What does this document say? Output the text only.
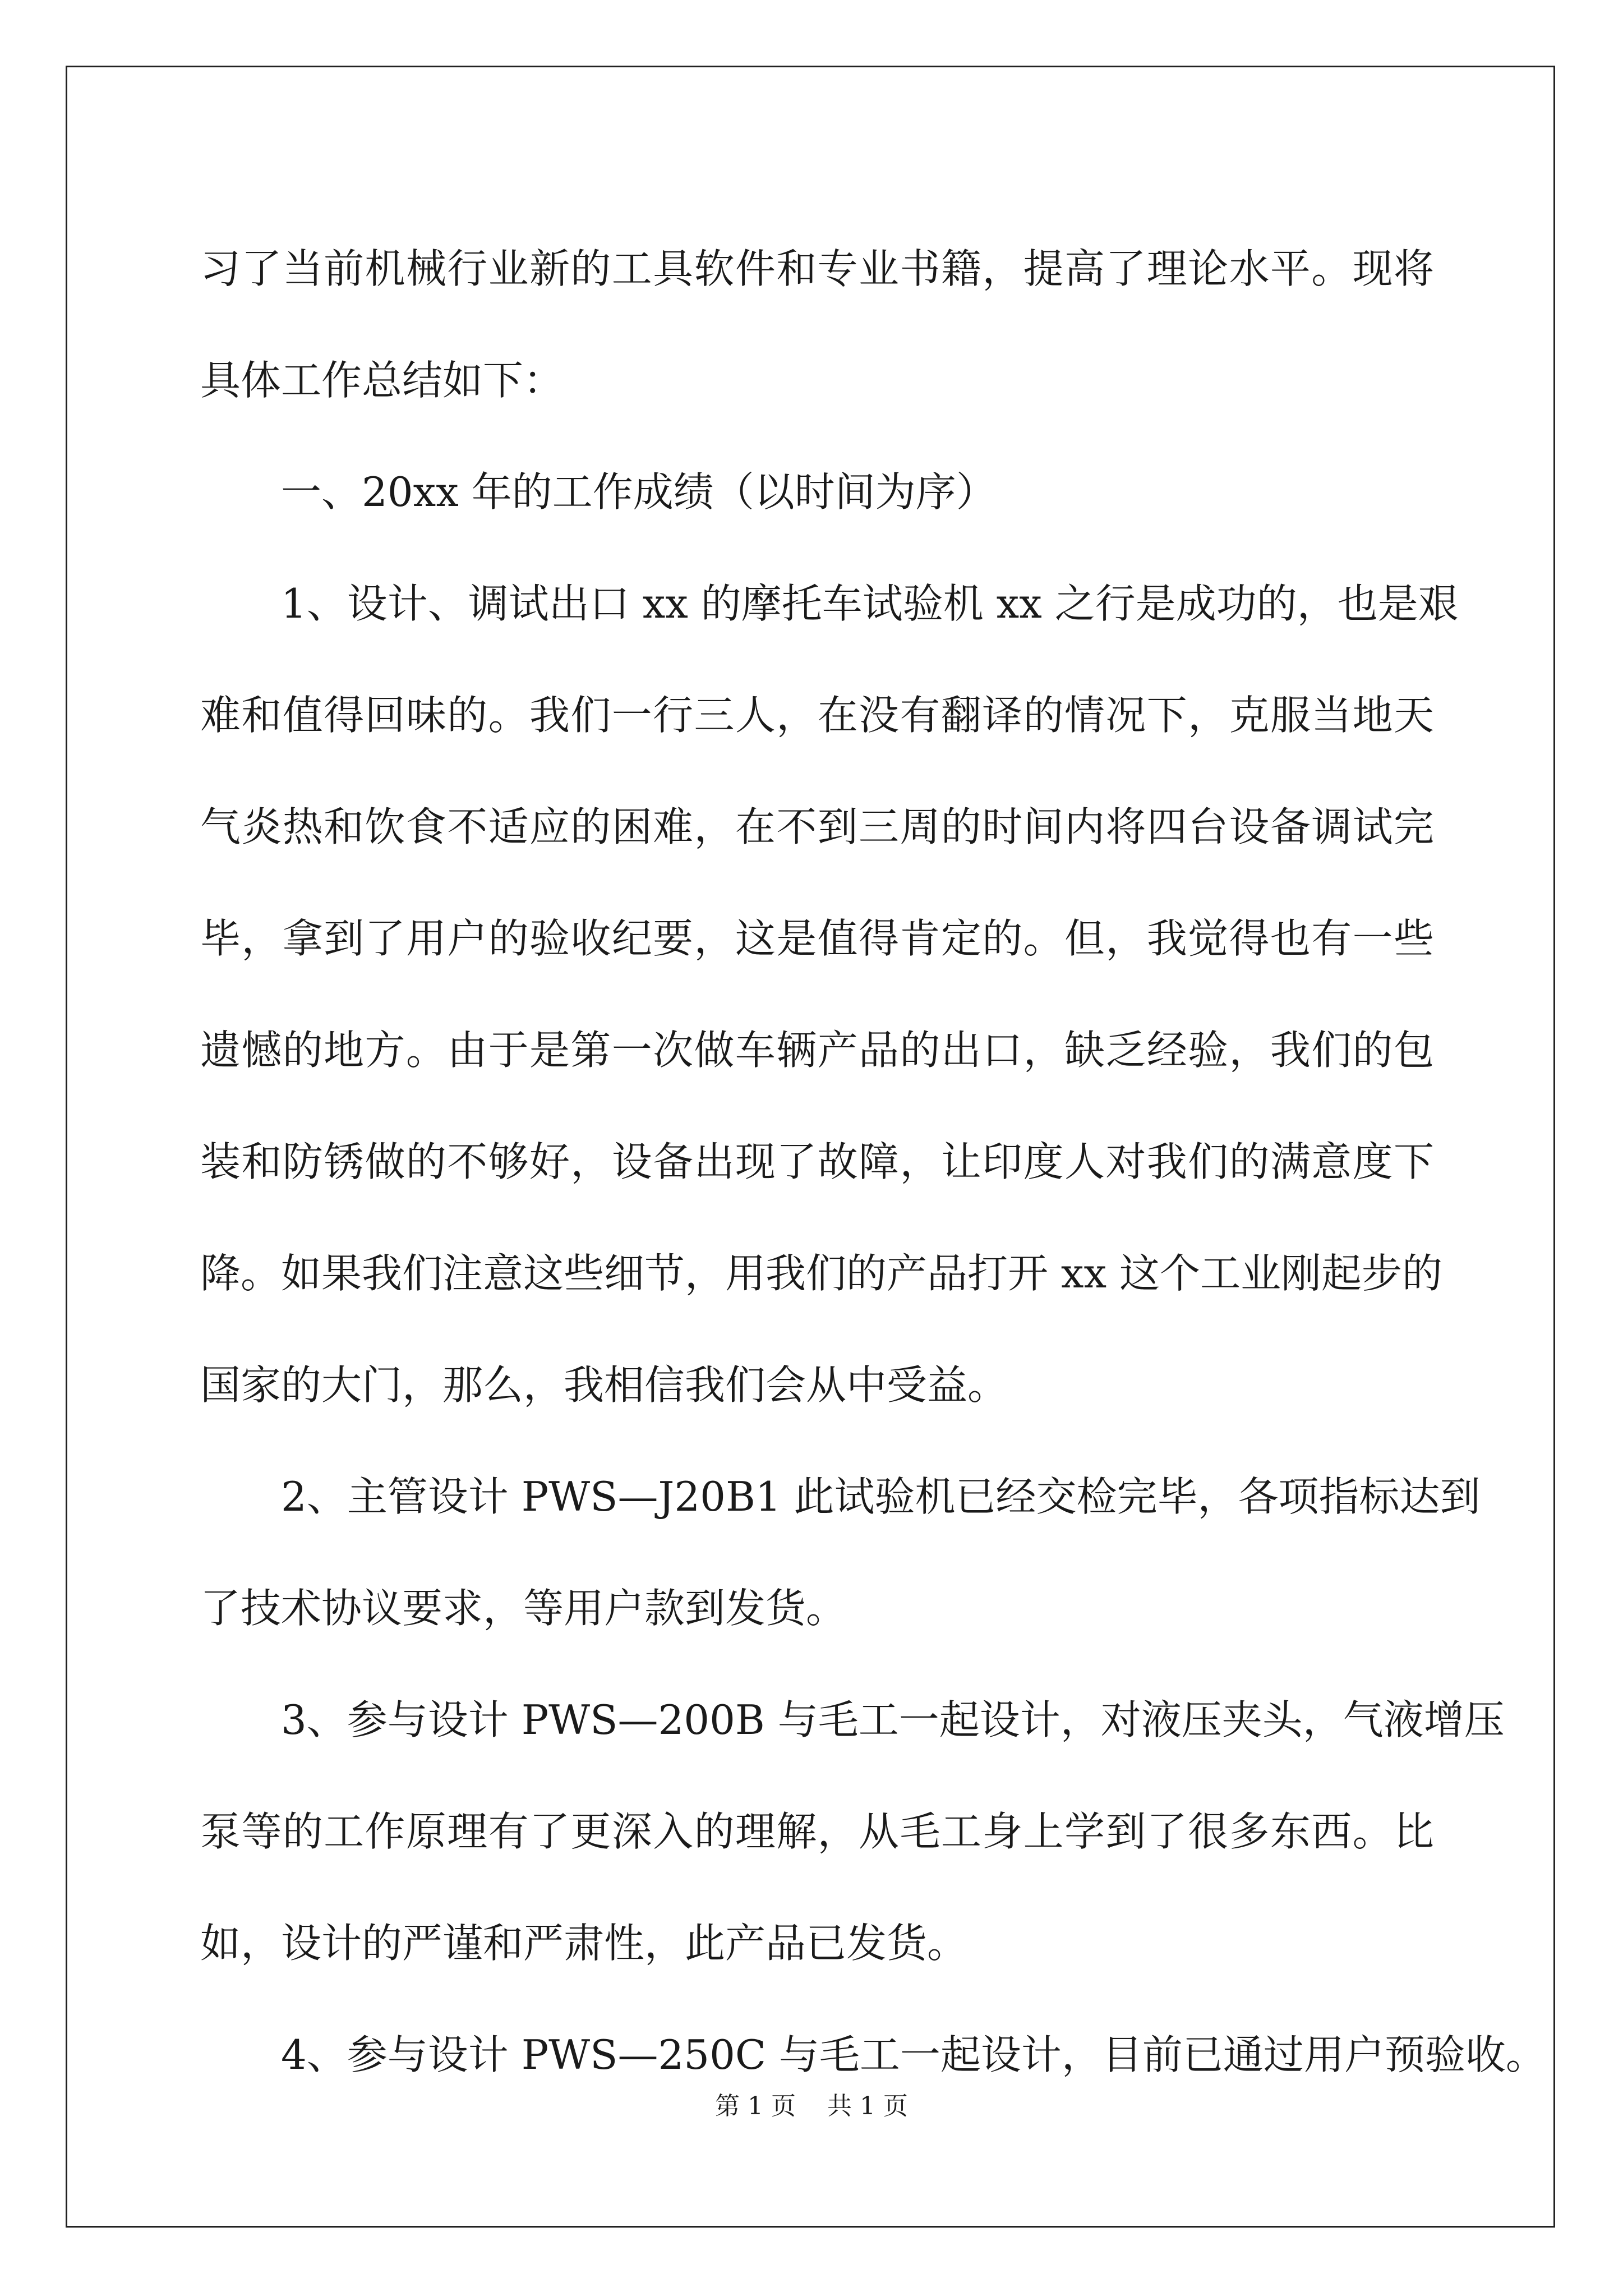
习了当前机械行业新的工具软件和专业书籍，提高了理论水平。现将
具体工作总结如下：
一、20xx 年的工作成绩（以时间为序）
1、设计、调试出口 xx 的摩托车试验机 xx 之行是成功的，也是艰
难和值得回味的。我们一行三人，在没有翻译的情况下，克服当地天
气炎热和饮食不适应的困难，在不到三周的时间内将四台设备调试完
毕，拿到了用户的验收纪要，这是值得肯定的。但，我觉得也有一些
遗憾的地方。由于是第一次做车辆产品的出口，缺乏经验，我们的包
装和防锈做的不够好，设备出现了故障，让印度人对我们的满意度下
降。如果我们注意这些细节，用我们的产品打开 xx 这个工业刚起步的
国家的大门，那么，我相信我们会从中受益。
2、主管设计 PWS—J20B1 此试验机已经交检完毕，各项指标达到
了技术协议要求，等用户款到发货。
3、参与设计 PWS—200B 与毛工一起设计，对液压夹头，气液增压
泵等的工作原理有了更深入的理解，从毛工身上学到了很多东西。比
如，设计的严谨和严肃性，此产品已发货。
4、参与设计 PWS—250C 与毛工一起设计，目前已通过用户预验收。
第 1 页    共 1 页
